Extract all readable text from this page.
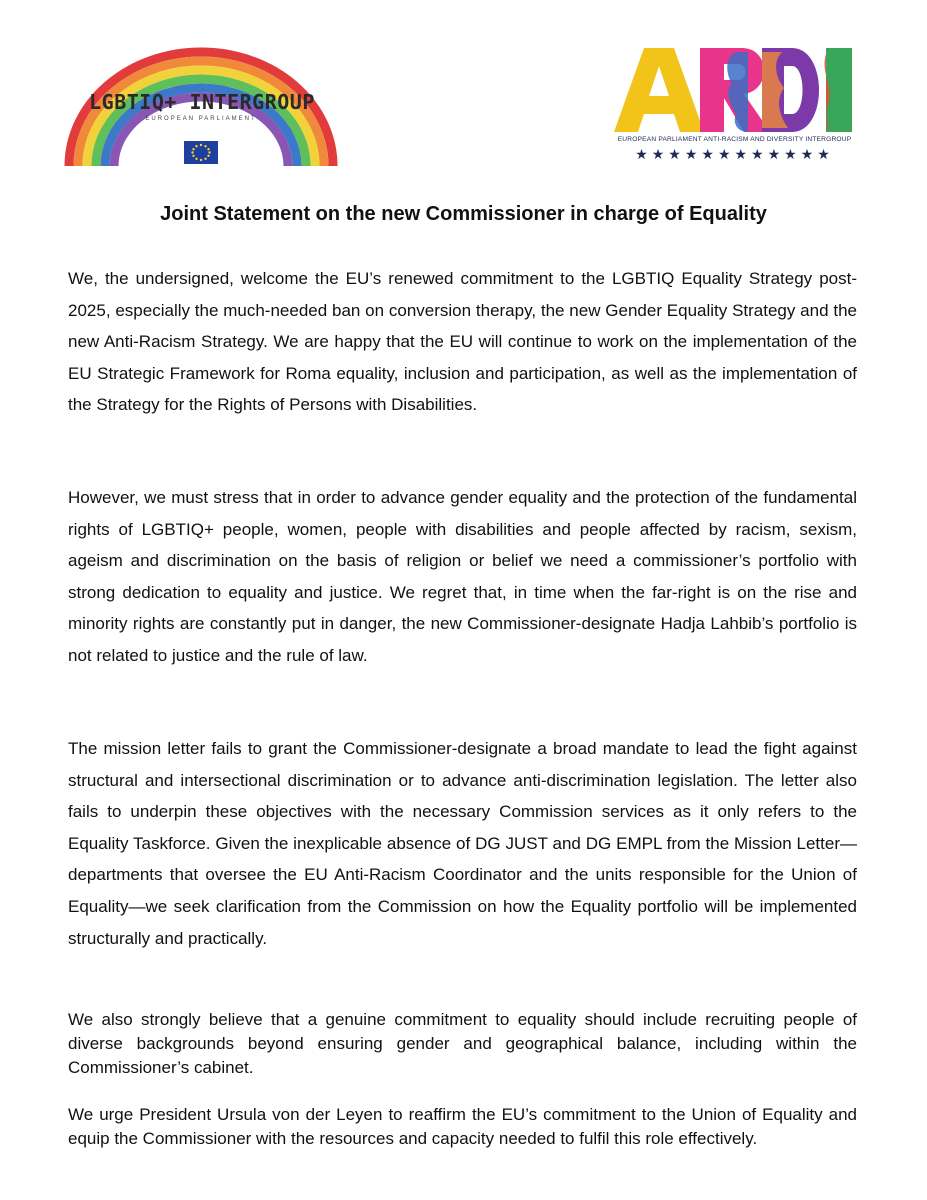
LGBTIQ+ INTERGROUP
EUROPEAN PARLIAMENT
EUROPEAN PARLIAMENT ANTI-RACISM AND DIVERSITY INTERGROUP
★★★★★★★★★★★★
Joint Statement on the new Commissioner in charge of Equality

We, the undersigned, welcome the EU’s renewed commitment to the LGBTIQ Equality Strategy post-2025, especially the much-needed ban on conversion therapy, the new Gender Equality Strategy and the new Anti-Racism Strategy. We are happy that the EU will continue to work on the implementation of the EU Strategic Framework for Roma equality, inclusion and participation, as well as the implementation of the Strategy for the Rights of Persons with Disabilities.

However, we must stress that in order to advance gender equality and the protection of the fundamental rights of LGBTIQ+ people, women, people with disabilities and people affected by racism, sexism, ageism and discrimination on the basis of religion or belief we need a commissioner’s portfolio with strong dedication to equality and justice. We regret that, in time when the far-right is on the rise and minority rights are constantly put in danger, the new Commissioner-designate Hadja Lahbib’s portfolio is not related to justice and the rule of law.

The mission letter fails to grant the Commissioner-designate a broad mandate to lead the fight against structural and intersectional discrimination or to advance anti-discrimination legislation. The letter also fails to underpin these objectives with the necessary Commission services as it only refers to the Equality Taskforce. Given the inexplicable absence of DG JUST and DG EMPL from the Mission Letter—departments that oversee the EU Anti-Racism Coordinator and the units responsible for the Union of Equality—we seek clarification from the Commission on how the Equality portfolio will be implemented structurally and practically.

We also strongly believe that a genuine commitment to equality should include recruiting people of diverse backgrounds beyond ensuring gender and geographical balance, including within the Commissioner’s cabinet.

We urge President Ursula von der Leyen to reaffirm the EU’s commitment to the Union of Equality and equip the Commissioner with the resources and capacity needed to fulfil this role effectively.
